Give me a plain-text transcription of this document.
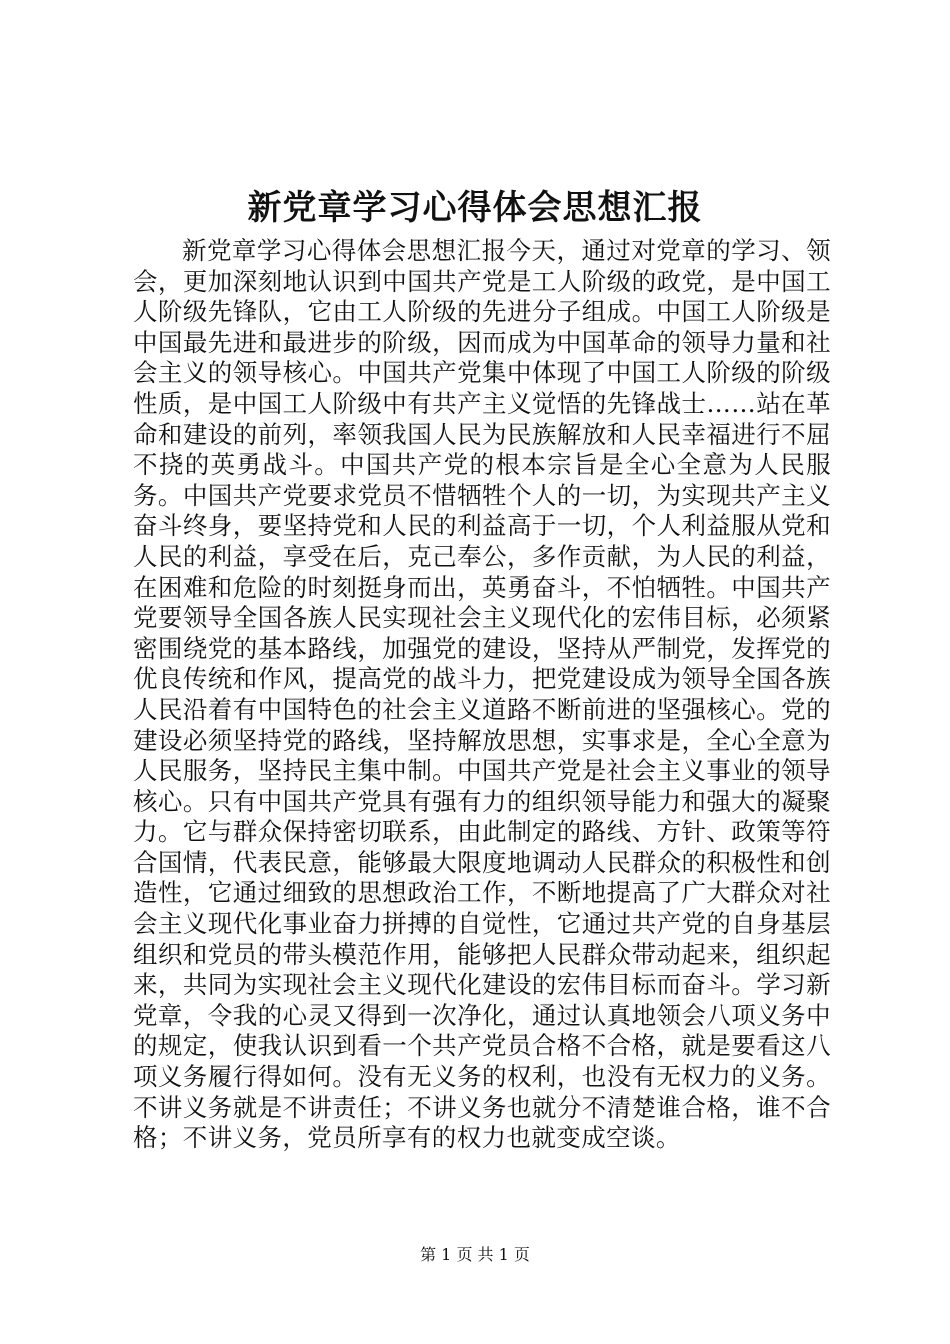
新党章学习心得体会思想汇报

新党章学习心得体会思想汇报今天，通过对党章的学习、领会，更加深刻地认识到中国共产党是工人阶级的政党，是中国工人阶级先锋队，它由工人阶级的先进分子组成。中国工人阶级是中国最先进和最进步的阶级，因而成为中国革命的领导力量和社会主义的领导核心。中国共产党集中体现了中国工人阶级的阶级性质，是中国工人阶级中有共产主义觉悟的先锋战士……站在革命和建设的前列，率领我国人民为民族解放和人民幸福进行不屈不挠的英勇战斗。中国共产党的根本宗旨是全心全意为人民服务。中国共产党要求党员不惜牺牲个人的一切，为实现共产主义奋斗终身，要坚持党和人民的利益高于一切，个人利益服从党和人民的利益，享受在后，克己奉公，多作贡献，为人民的利益，在困难和危险的时刻挺身而出，英勇奋斗，不怕牺牲。中国共产党要领导全国各族人民实现社会主义现代化的宏伟目标，必须紧密围绕党的基本路线，加强党的建设，坚持从严制党，发挥党的优良传统和作风，提高党的战斗力，把党建设成为领导全国各族人民沿着有中国特色的社会主义道路不断前进的坚强核心。党的建设必须坚持党的路线，坚持解放思想，实事求是，全心全意为人民服务，坚持民主集中制。中国共产党是社会主义事业的领导核心。只有中国共产党具有强有力的组织领导能力和强大的凝聚力。它与群众保持密切联系，由此制定的路线、方针、政策等符合国情，代表民意，能够最大限度地调动人民群众的积极性和创造性，它通过细致的思想政治工作，不断地提高了广大群众对社会主义现代化事业奋力拼搏的自觉性，它通过共产党的自身基层组织和党员的带头模范作用，能够把人民群众带动起来，组织起来，共同为实现社会主义现代化建设的宏伟目标而奋斗。学习新党章，令我的心灵又得到一次净化，通过认真地领会八项义务中的规定，使我认识到看一个共产党员合格不合格，就是要看这八项义务履行得如何。没有无义务的权利，也没有无权力的义务。不讲义务就是不讲责任；不讲义务也就分不清楚谁合格，谁不合格；不讲义务，党员所享有的权力也就变成空谈。

第 1 页 共 1 页
